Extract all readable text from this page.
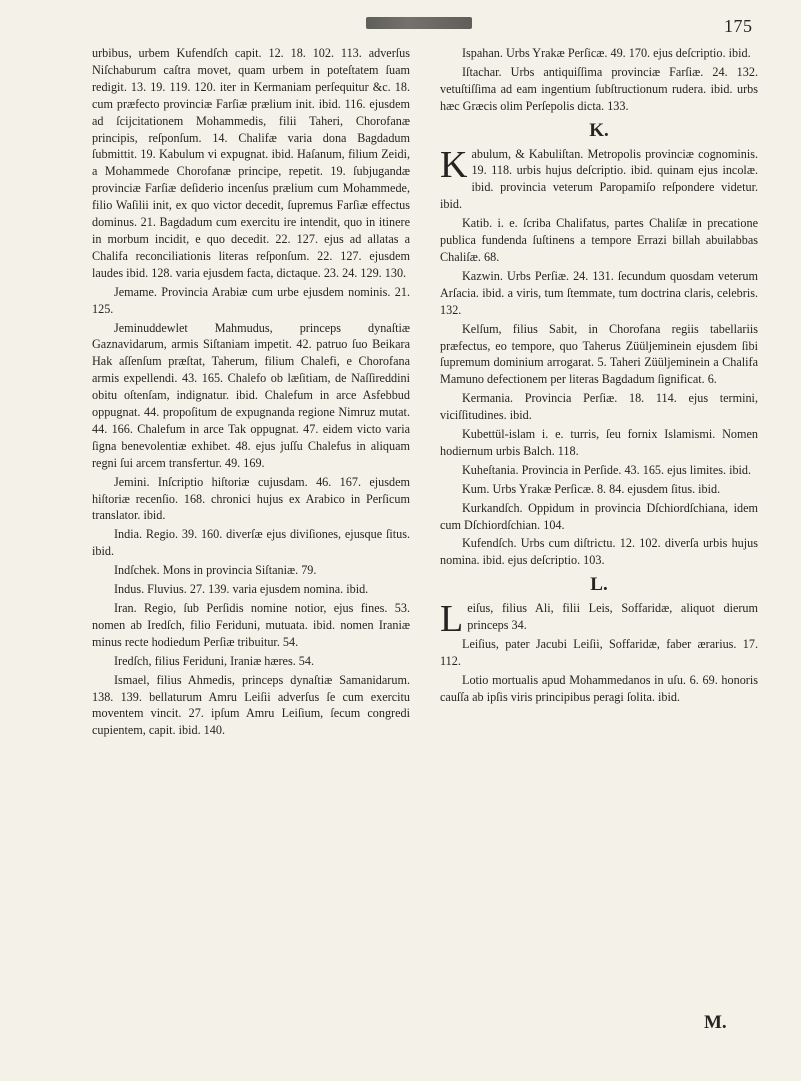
175

urbibus, urbem Kufendſch capit. 12. 18. 102. 113. adverſus Niſchaburum caſtra movet, quam urbem in poteſtatem ſuam redigit. 13. 19. 119. 120. iter in Kermaniam perſequitur &c. 18. cum præfecto provinciæ Farſiæ prælium init. ibid. 116. ejusdem ad ſcijcitationem Mohammedis, filii Taheri, Chorofanæ principis, reſponſum. 14. Chalifæ varia dona Bagdadum ſubmittit. 19. Kabulum vi expugnat. ibid. Haſanum, filium Zeidi, a Mohammede Chorofanæ principe, repetit. 19. ſubjugandæ provinciæ Farſiæ deſiderio incenſus prælium cum Mohammede, filio Waſilii init, ex quo victor decedit, ſupremus Farſiæ effectus dominus. 21. Bagdadum cum exercitu ire intendit, quo in itinere in morbum incidit, e quo decedit. 22. 127. ejus ad allatas a Chalifa reconciliationis literas reſponſum. 22. 127. ejusdem laudes ibid. 128. varia ejusdem facta, dictaque. 23. 24. 129. 130.

Jemame. Provincia Arabiæ cum urbe ejusdem nominis. 21. 125.

Jeminuddewlet Mahmudus, princeps dynaſtiæ Gaznavidarum, armis Siſtaniam impetit. 42. patruo ſuo Beikara Hak aſſenſum præſtat, Taherum, filium Chalefi, e Chorofana armis expellendi. 43. 165. Chalefo ob læſitiam, de Naſſireddini obitu oſtenſam, indignatur. ibid. Chalefum in arce Asfebbud oppugnat. 44. propoſitum de expugnanda regione Nimruz mutat. 44. 166. Chalefum in arce Tak oppugnat. 47. eidem victo varia ſigna benevolentiæ exhibet. 48. ejus juſſu Chalefus in aliquam regni ſui arcem transfertur. 49. 169.

Jemini. Inſcriptio hiſtoriæ cujusdam. 46. 167. ejusdem hiſtoriæ recenſio. 168. chronici hujus ex Arabico in Perſicum translator. ibid.

India. Regio. 39. 160. diverſæ ejus diviſiones, ejusque ſitus. ibid.

Indſchek. Mons in provincia Siſtaniæ. 79.

Indus. Fluvius. 27. 139. varia ejusdem nomina. ibid.

Iran. Regio, ſub Perſidis nomine notior, ejus fines. 53. nomen ab Iredſch, filio Feriduni, mutuata. ibid. nomen Iraniæ minus recte hodiedum Perſiæ tribuitur. 54.

Iredſch, filius Feriduni, Iraniæ hæres. 54.

Ismael, filius Ahmedis, princeps dynaſtiæ Samanidarum. 138. 139. bellaturum Amru Leiſii adverſus ſe cum exercitu moventem vincit. 27. ipſum Amru Leiſium, ſecum congredi cupientem, capit. ibid. 140.

Ispahan. Urbs Yrakæ Perſicæ. 49. 170. ejus deſcriptio. ibid.

Iſtachar. Urbs antiquiſſima provinciæ Farſiæ. 24. 132. vetuſtiſſima ad eam ingentium ſubſtructionum rudera. ibid. urbs hæc Græcis olim Perſepolis dicta. 133.

K.

Kabulum, & Kabuliſtan. Metropolis provinciæ cognominis. 19. 118. urbis hujus deſcriptio. ibid. quinam ejus incolæ. ibid. provincia veterum Paropamiſo reſpondere videtur. ibid.

Katib. i. e. ſcriba Chalifatus, partes Chaliſæ in precatione publica fundenda ſuſtinens a tempore Errazi billah abuilabbas Chaliſæ. 68.

Kazwin. Urbs Perſiæ. 24. 131. ſecundum quosdam veterum Arſacia. ibid. a viris, tum ſtemmate, tum doctrina claris, celebris. 132.

Kelſum, filius Sabit, in Chorofana regiis tabellariis præfectus, eo tempore, quo Taherus Züüljeminein ejusdem ſibi ſupremum dominium arrogarat. 5. Taheri Züüljeminein a Chalifa Mamuno defectionem per literas Bagdadum ſignificat. 6.

Kermania. Provincia Perſiæ. 18. 114. ejus termini, viciſſitudines. ibid.

Kubettül-islam i. e. turris, ſeu fornix Islamismi. Nomen hodiernum urbis Balch. 118.

Kuheſtania. Provincia in Perſide. 43. 165. ejus limites. ibid.

Kum. Urbs Yrakæ Perſicæ. 8. 84. ejusdem ſitus. ibid.

Kurkandſch. Oppidum in provincia Dſchiordſchiana, idem cum Dſchiordſchian. 104.

Kufendſch. Urbs cum diſtrictu. 12. 102. diverſa urbis hujus nomina. ibid. ejus deſcriptio. 103.

L.

Leiſus, filius Ali, filii Leis, Soffaridæ, aliquot dierum princeps 34.

Leiſius, pater Jacubi Leiſii, Soffaridæ, faber ærarius. 17. 112.

Lotio mortualis apud Mohammedanos in uſu. 6. 69. honoris cauſſa ab ipſis viris principibus peragi ſolita. ibid.

M.
